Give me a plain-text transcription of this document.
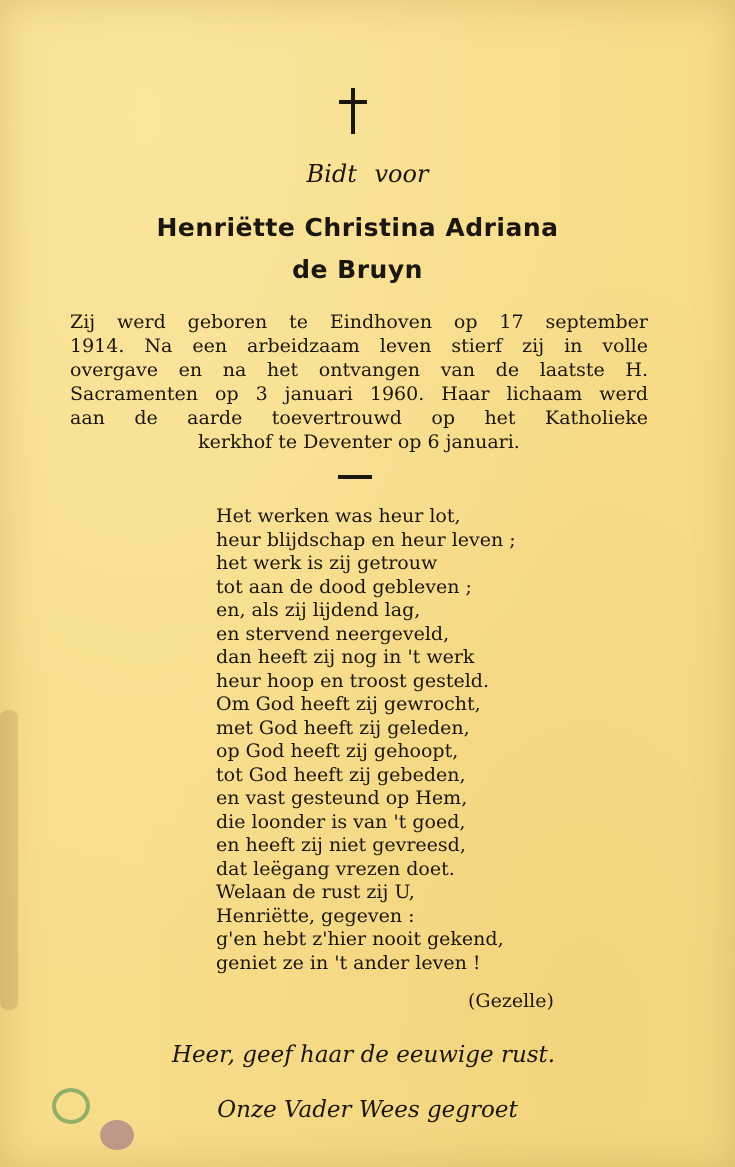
Bidt voor
Henriëtte Christina Adriana
de Bruyn
Zij werd geboren te Eindhoven op 17 september
1914. Na een arbeidzaam leven stierf zij in volle
overgave en na het ontvangen van de laatste H.
Sacramenten op 3 januari 1960. Haar lichaam werd
aan de aarde toevertrouwd op het Katholieke
kerkhof te Deventer op 6 januari.
Het werken was heur lot,
heur blijdschap en heur leven ;
het werk is zij getrouw
tot aan de dood gebleven ;
en, als zij lijdend lag,
en stervend neergeveld,
dan heeft zij nog in 't werk
heur hoop en troost gesteld.
Om God heeft zij gewrocht,
met God heeft zij geleden,
op God heeft zij gehoopt,
tot God heeft zij gebeden,
en vast gesteund op Hem,
die loonder is van 't goed,
en heeft zij niet gevreesd,
dat leëgang vrezen doet.
Welaan de rust zij U,
Henriëtte, gegeven :
g'en hebt z'hier nooit gekend,
geniet ze in 't ander leven !
(Gezelle)
Heer, geef haar de eeuwige rust.
Onze Vader Wees gegroet
